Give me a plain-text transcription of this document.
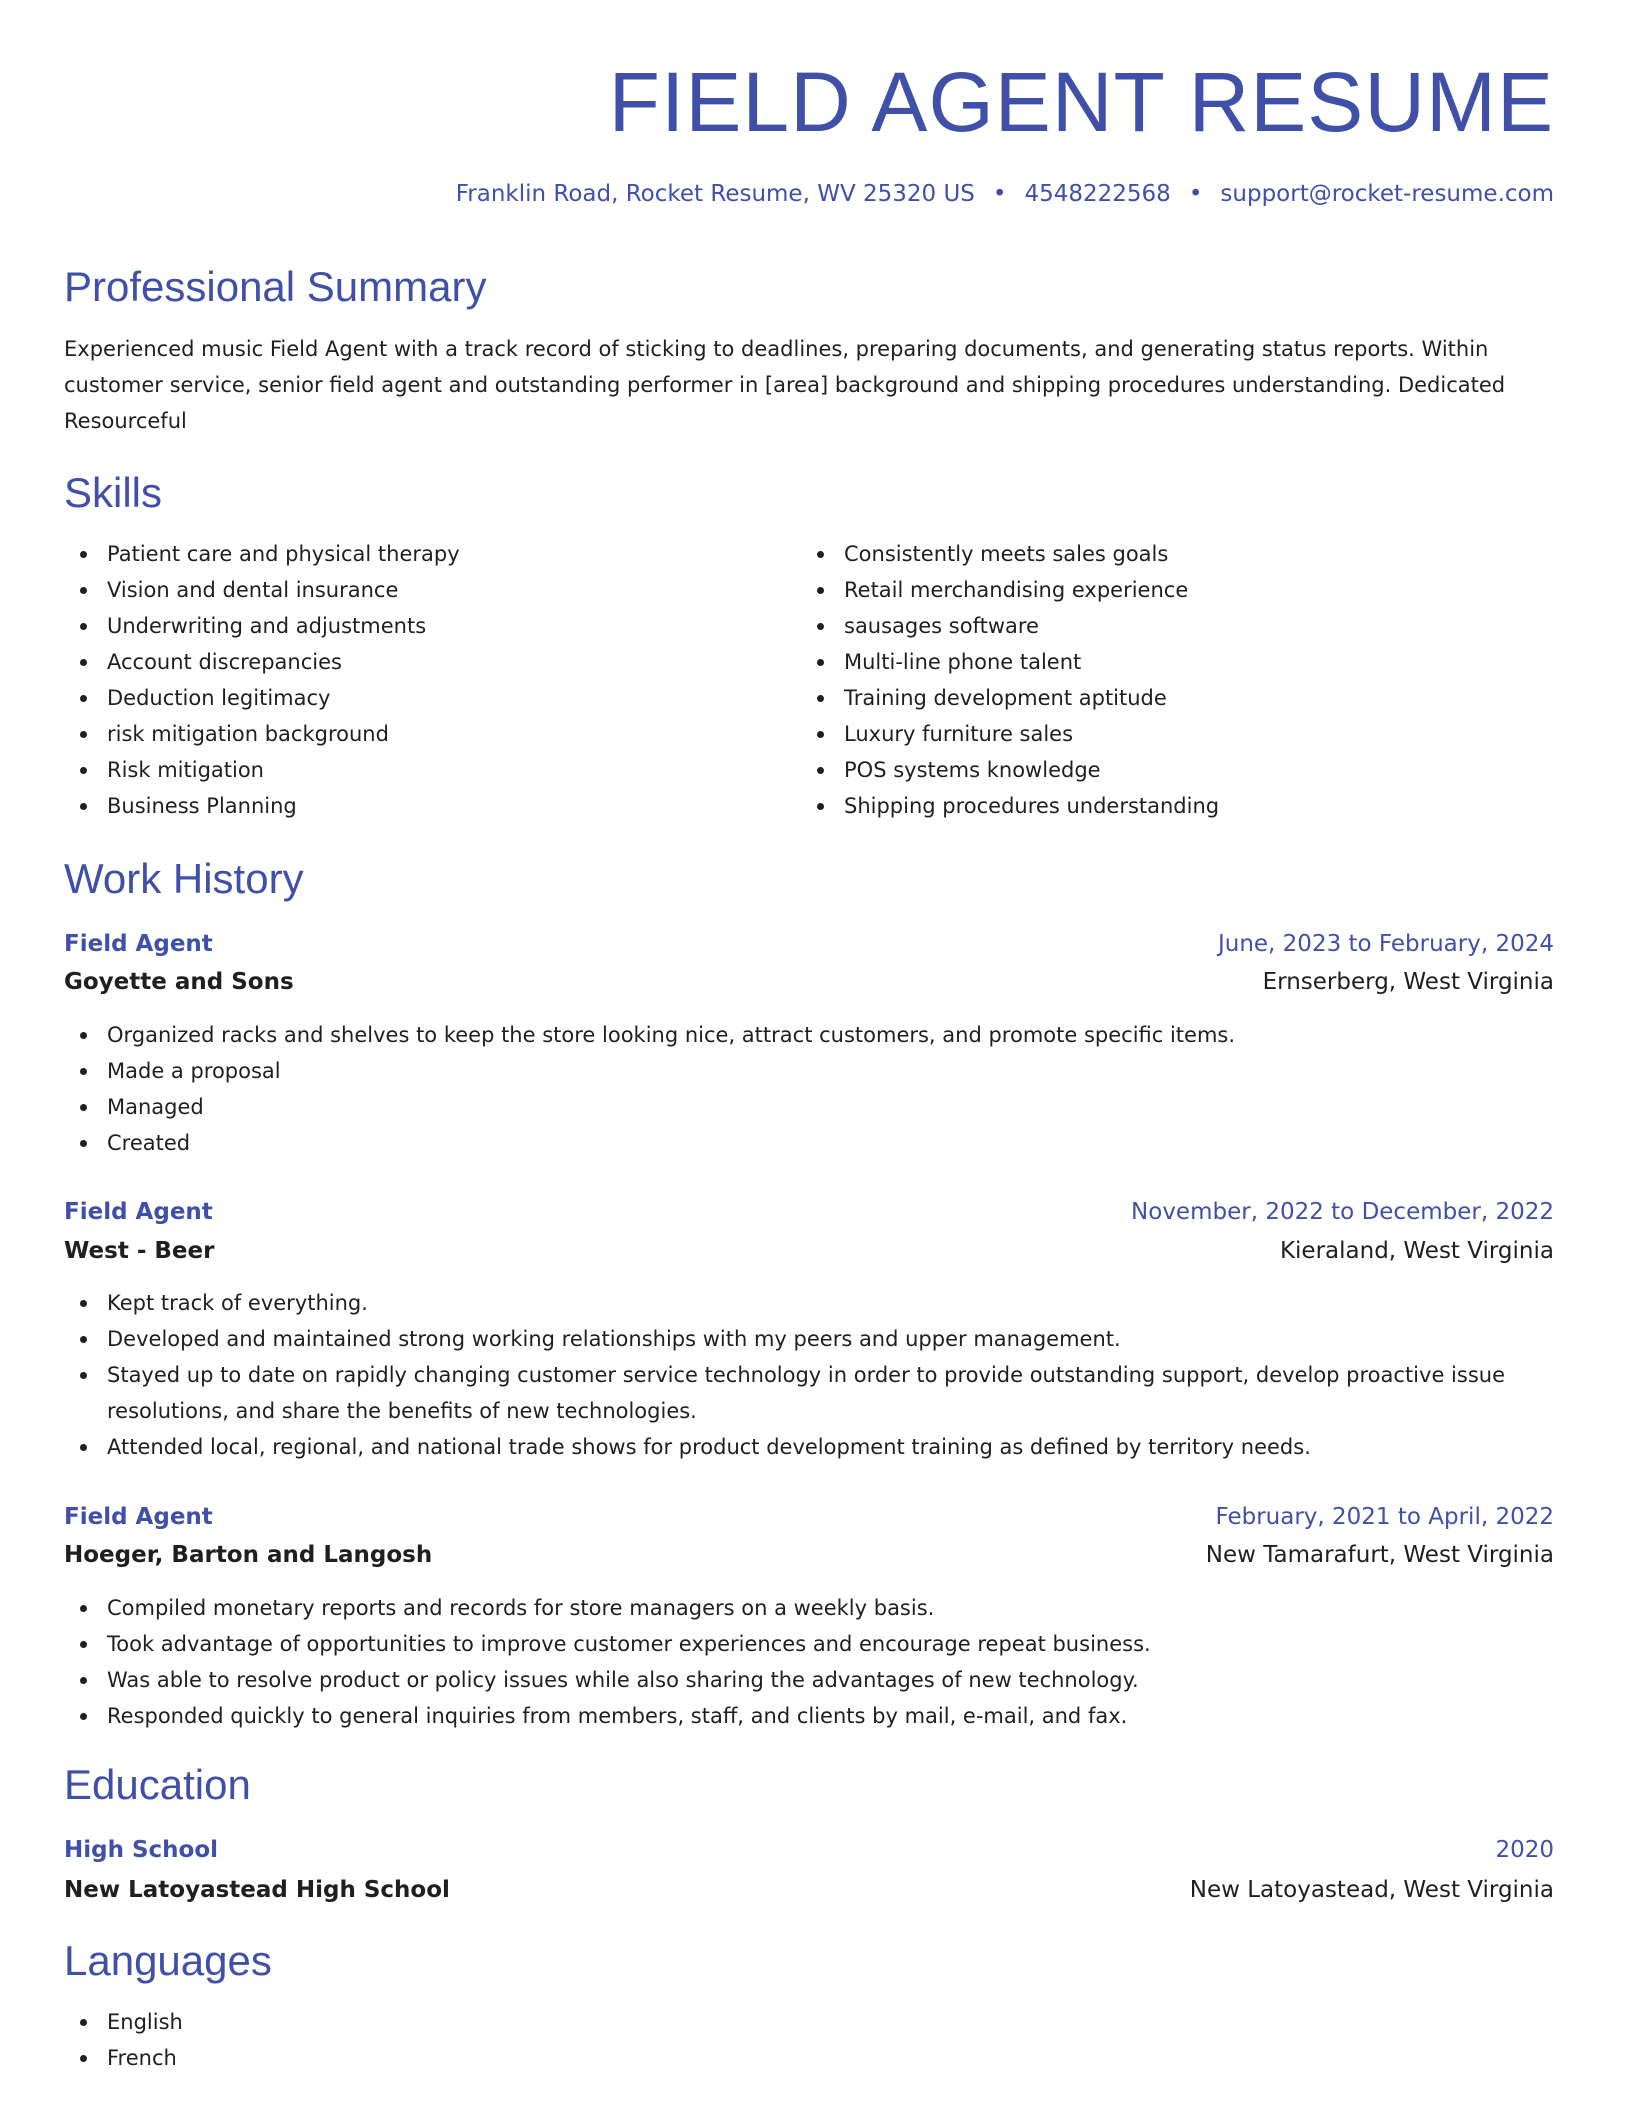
FIELD AGENT RESUME
Franklin Road, Rocket Resume, WV 25320 US • 4548222568 • support@rocket-resume.com
Professional Summary

Experienced music Field Agent with a track record of sticking to deadlines, preparing documents, and generating status reports. Within customer service, senior field agent and outstanding performer in [area] background and shipping procedures understanding. Dedicated Resourceful

Skills
Patient care and physical therapy
Vision and dental insurance
Underwriting and adjustments
Account discrepancies
Deduction legitimacy
risk mitigation background
Risk mitigation
Business Planning
Consistently meets sales goals
Retail merchandising experience
sausages software
Multi-line phone talent
Training development aptitude
Luxury furniture sales
POS systems knowledge
Shipping procedures understanding
Work History
Field Agent	June, 2023 to February, 2024
Goyette and Sons	Ernserberg, West Virginia
Organized racks and shelves to keep the store looking nice, attract customers, and promote specific items.
Made a proposal
Managed
Created
Field Agent	November, 2022 to December, 2022
West - Beer	Kieraland, West Virginia
Kept track of everything.
Developed and maintained strong working relationships with my peers and upper management.
Stayed up to date on rapidly changing customer service technology in order to provide outstanding support, develop proactive issue resolutions, and share the benefits of new technologies.
Attended local, regional, and national trade shows for product development training as defined by territory needs.
Field Agent	February, 2021 to April, 2022
Hoeger, Barton and Langosh	New Tamarafurt, West Virginia
Compiled monetary reports and records for store managers on a weekly basis.
Took advantage of opportunities to improve customer experiences and encourage repeat business.
Was able to resolve product or policy issues while also sharing the advantages of new technology.
Responded quickly to general inquiries from members, staff, and clients by mail, e-mail, and fax.
Education
High School	2020
New Latoyastead High School	New Latoyastead, West Virginia
Languages
English
French
